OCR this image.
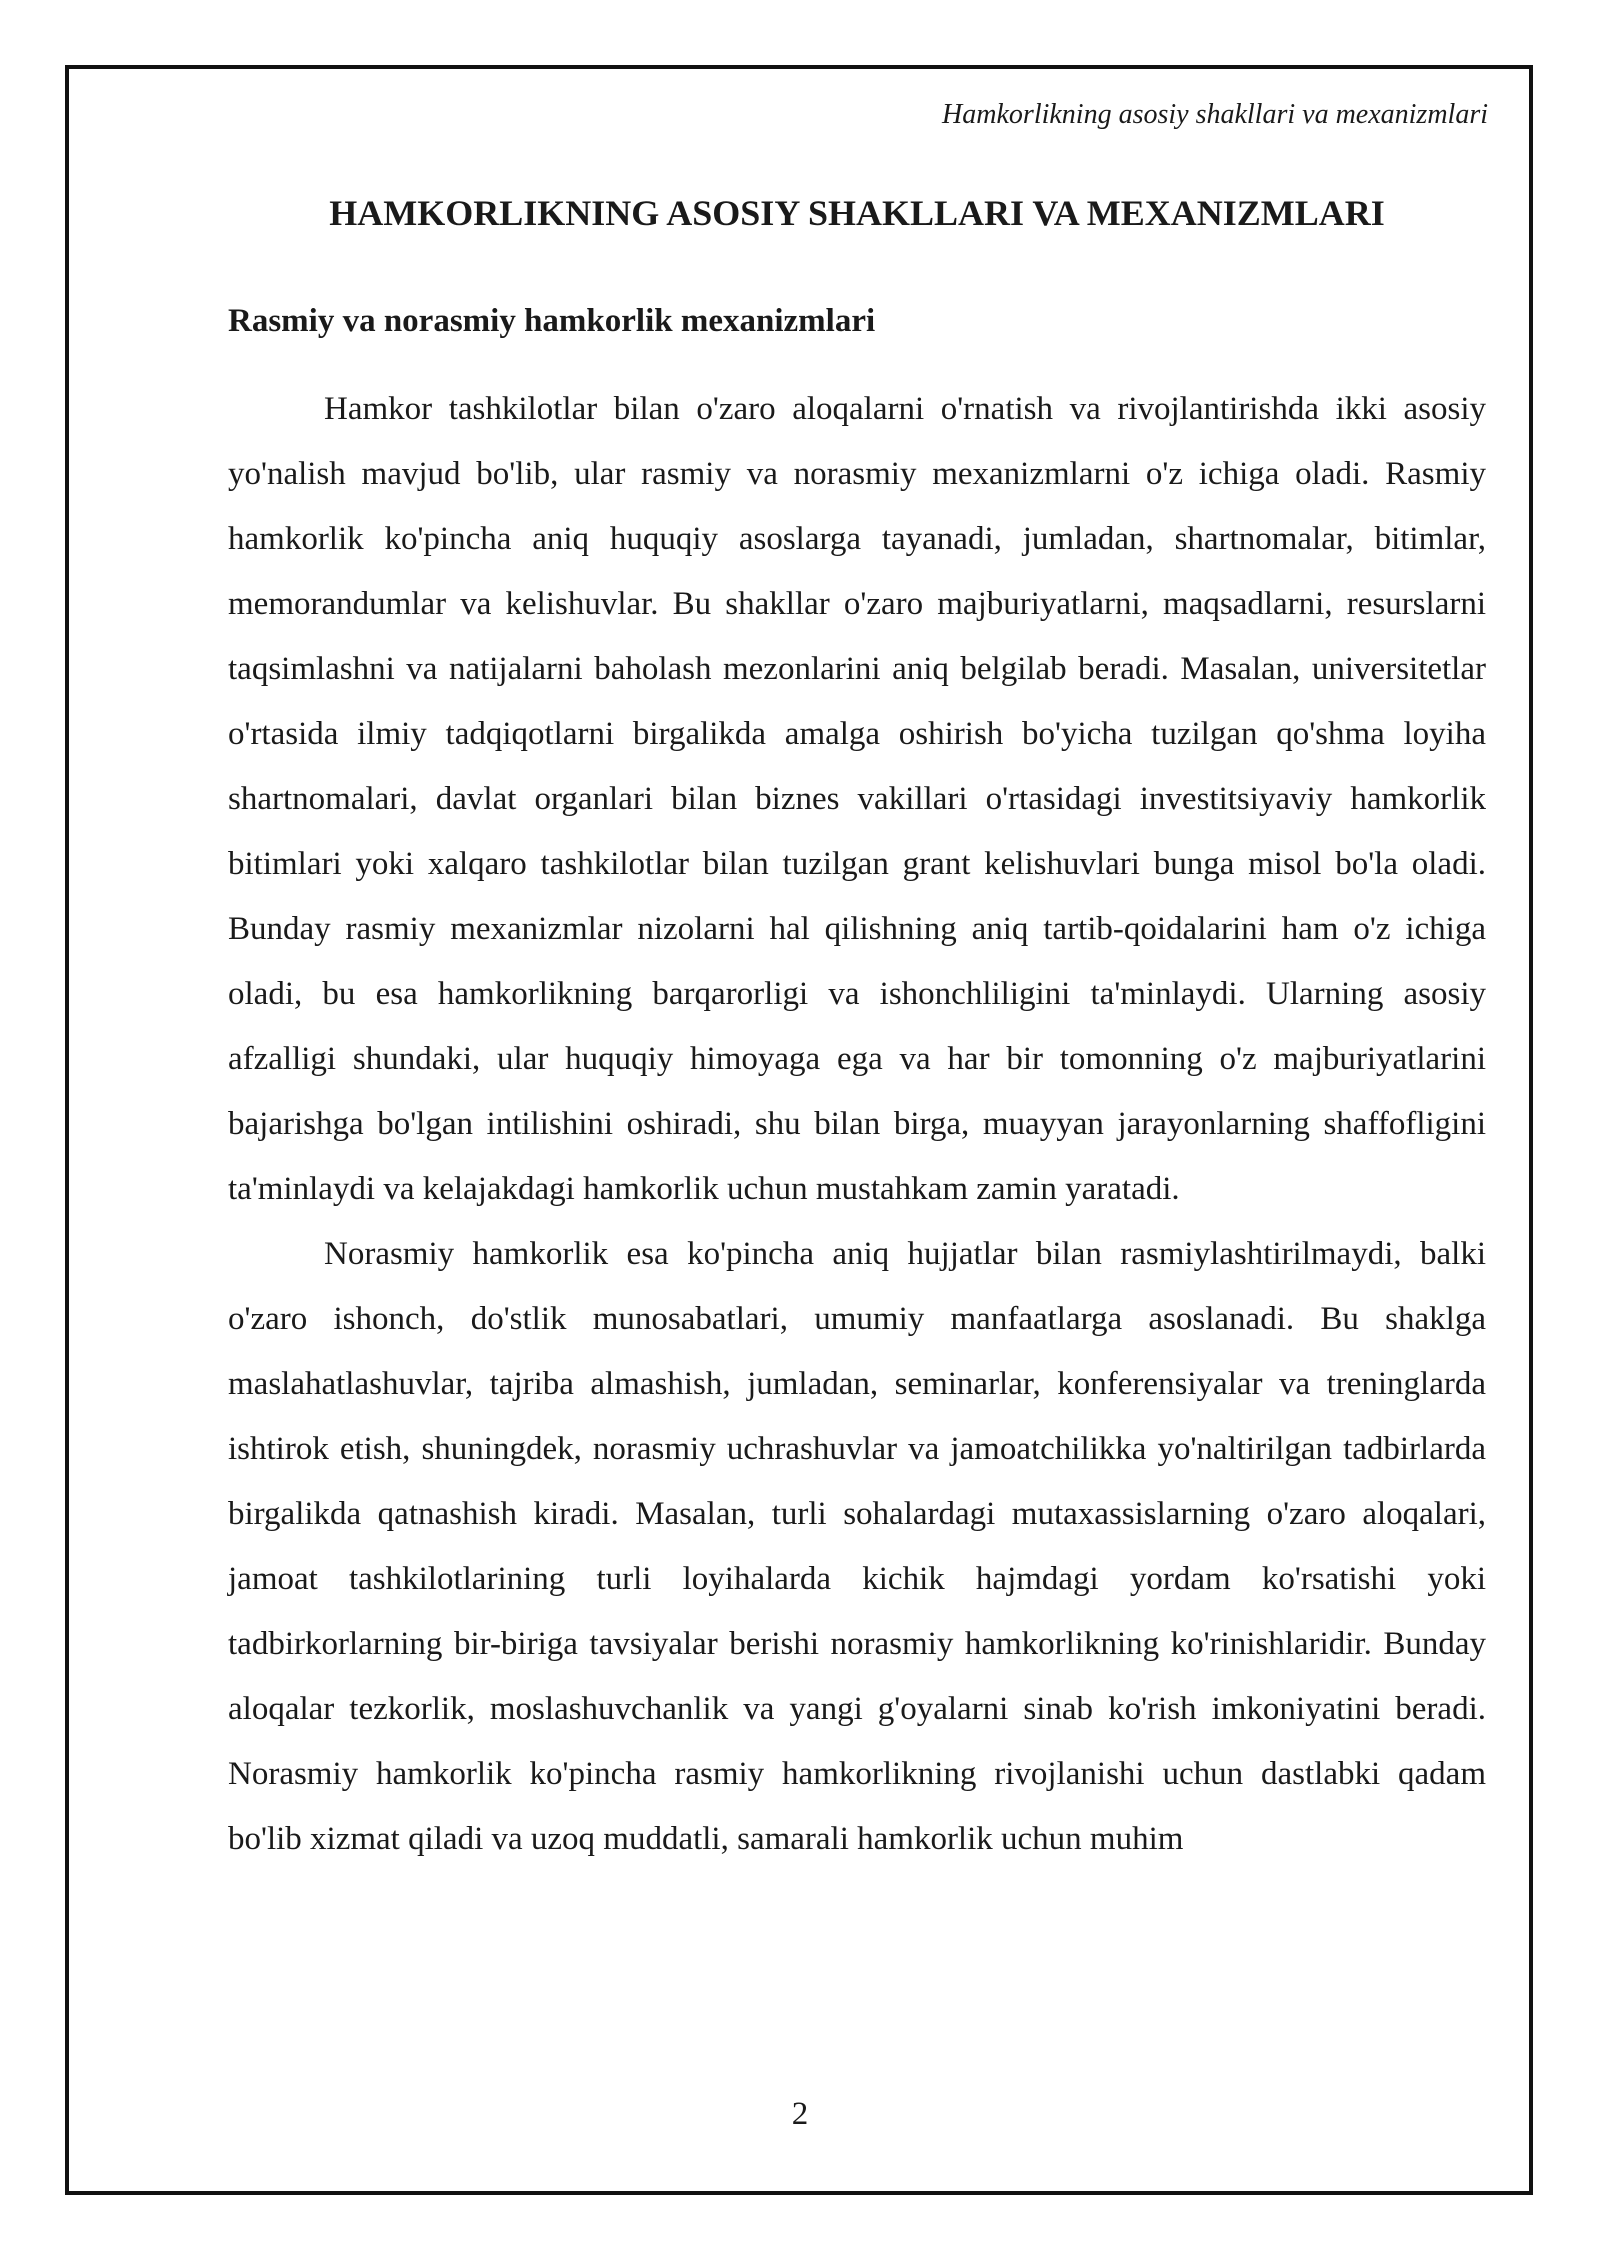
Hamkorlikning asosiy shakllari va mexanizmlari
HAMKORLIKNING ASOSIY SHAKLLARI VA MEXANIZMLARI
Rasmiy va norasmiy hamkorlik mexanizmlari

Hamkor tashkilotlar bilan o'zaro aloqalarni o'rnatish va rivojlantirishda ikki asosiy yo'nalish mavjud bo'lib, ular rasmiy va norasmiy mexanizmlarni o'z ichiga oladi. Rasmiy hamkorlik ko'pincha aniq huquqiy asoslarga tayanadi, jumladan, shartnomalar, bitimlar, memorandumlar va kelishuvlar. Bu shakllar o'zaro majburiyatlarni, maqsadlarni, resurslarni taqsimlashni va natijalarni baholash mezonlarini aniq belgilab beradi. Masalan, universitetlar o'rtasida ilmiy tadqiqotlarni birgalikda amalga oshirish bo'yicha tuzilgan qo'shma loyiha shartnomalari, davlat organlari bilan biznes vakillari o'rtasidagi investitsiyaviy hamkorlik bitimlari yoki xalqaro tashkilotlar bilan tuzilgan grant kelishuvlari bunga misol bo'la oladi. Bunday rasmiy mexanizmlar nizolarni hal qilishning aniq tartib-qoidalarini ham o'z ichiga oladi, bu esa hamkorlikning barqarorligi va ishonchliligini ta'minlaydi. Ularning asosiy afzalligi shundaki, ular huquqiy himoyaga ega va har bir tomonning o'z majburiyatlarini bajarishga bo'lgan intilishini oshiradi, shu bilan birga, muayyan jarayonlarning shaffofligini ta'minlaydi va kelajakdagi hamkorlik uchun mustahkam zamin yaratadi.

Norasmiy hamkorlik esa ko'pincha aniq hujjatlar bilan rasmiylashtirilmaydi, balki o'zaro ishonch, do'stlik munosabatlari, umumiy manfaatlarga asoslanadi. Bu shaklga maslahatlashuvlar, tajriba almashish, jumladan, seminarlar, konferensiyalar va treninglarda ishtirok etish, shuningdek, norasmiy uchrashuvlar va jamoatchilikka yo'naltirilgan tadbirlarda birgalikda qatnashish kiradi. Masalan, turli sohalardagi mutaxassislarning o'zaro aloqalari, jamoat tashkilotlarining turli loyihalarda kichik hajmdagi yordam ko'rsatishi yoki tadbirkorlarning bir-biriga tavsiyalar berishi norasmiy hamkorlikning ko'rinishlaridir. Bunday aloqalar tezkorlik, moslashuvchanlik va yangi g'oyalarni sinab ko'rish imkoniyatini beradi. Norasmiy hamkorlik ko'pincha rasmiy hamkorlikning rivojlanishi uchun dastlabki qadam bo'lib xizmat qiladi va uzoq muddatli, samarali hamkorlik uchun muhim

2
